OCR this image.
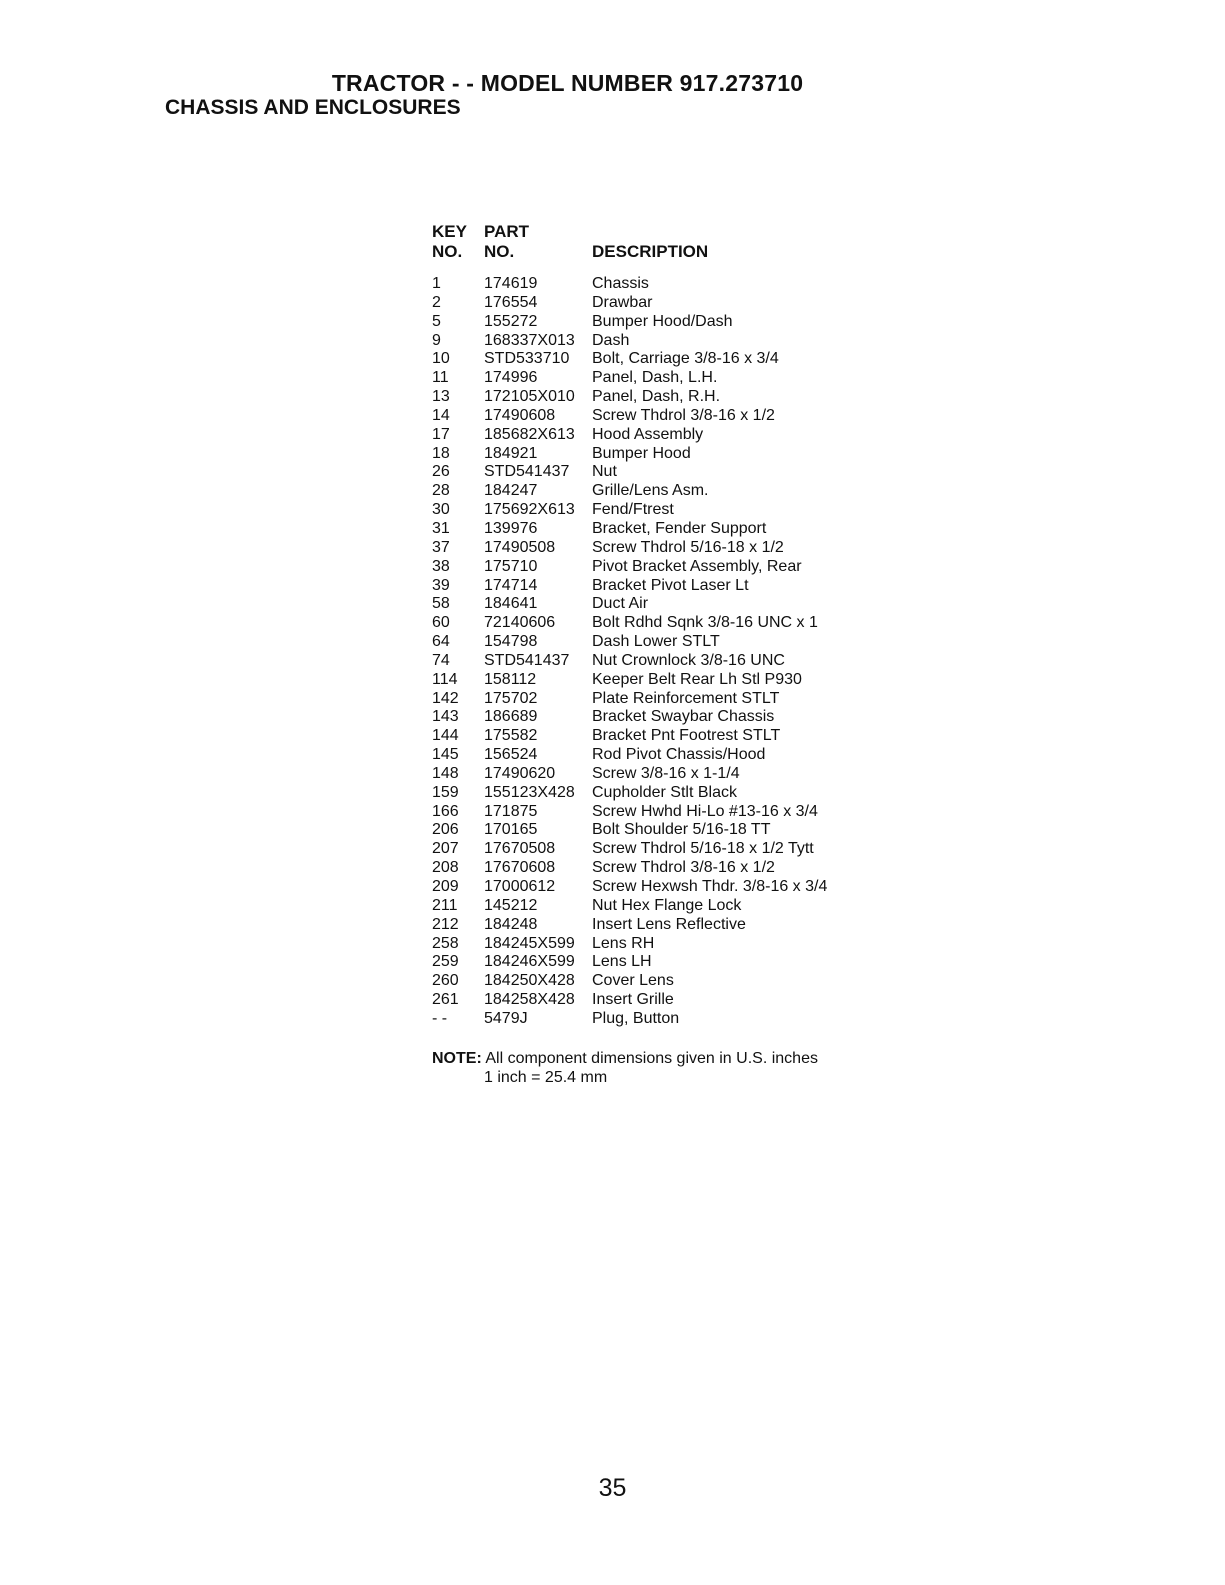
TRACTOR - - MODEL NUMBER 917.273710
CHASSIS AND ENCLOSURES
KEY PART
NO. NO.	DESCRIPTION
1	174619	Chassis
2	176554	Drawbar
5	155272	Bumper Hood/Dash
9	168337X013 Dash
10 STD533710 Bolt, Carriage 3/8-16 x 3/4
11 174996	Panel, Dash, L.H.
13 172105X010 Panel, Dash, R.H.
14 17490608 Screw Thdrol 3/8-16 x 1/2
17 185682X613 Hood Assembly
18 184921	Bumper Hood
26 STD541437 Nut
28 184247	Grille/Lens Asm.
30 175692X613 Fend/Ftrest
31 139976	Bracket, Fender Support
37 17490508 Screw Thdrol 5/16-18 x 1/2
38 175710	Pivot Bracket Assembly, Rear
39 174714	Bracket Pivot Laser Lt
58 184641	Duct Air
60 72140606 Bolt Rdhd Sqnk 3/8-16 UNC x 1
64 154798	Dash Lower STLT
74 STD541437 Nut Crownlock 3/8-16 UNC
114 158112	Keeper Belt Rear Lh Stl P930
142 175702	Plate Reinforcement STLT
143 186689	Bracket Swaybar Chassis
144 175582	Bracket Pnt Footrest STLT
145 156524	Rod Pivot Chassis/Hood
148 17490620 Screw 3/8-16 x 1-1/4
159 155123X428 Cupholder Stlt Black
166 171875	Screw Hwhd Hi-Lo #13-16 x 3/4
206 170165	Bolt Shoulder 5/16-18 TT
207 17670508 Screw Thdrol 5/16-18 x 1/2 Tytt
208 17670608 Screw Thdrol 3/8-16 x 1/2
209 17000612 Screw Hexwsh Thdr. 3/8-16 x 3/4
211 145212	Nut Hex Flange Lock
212 184248	Insert Lens Reflective
258 184245X599 Lens RH
259 184246X599 Lens LH
260 184250X428 Cover Lens
261 184258X428 Insert Grille
- - 5479J	Plug, Button
NOTE: All component dimensions given in U.S. inches
1 inch = 25.4 mm
35
